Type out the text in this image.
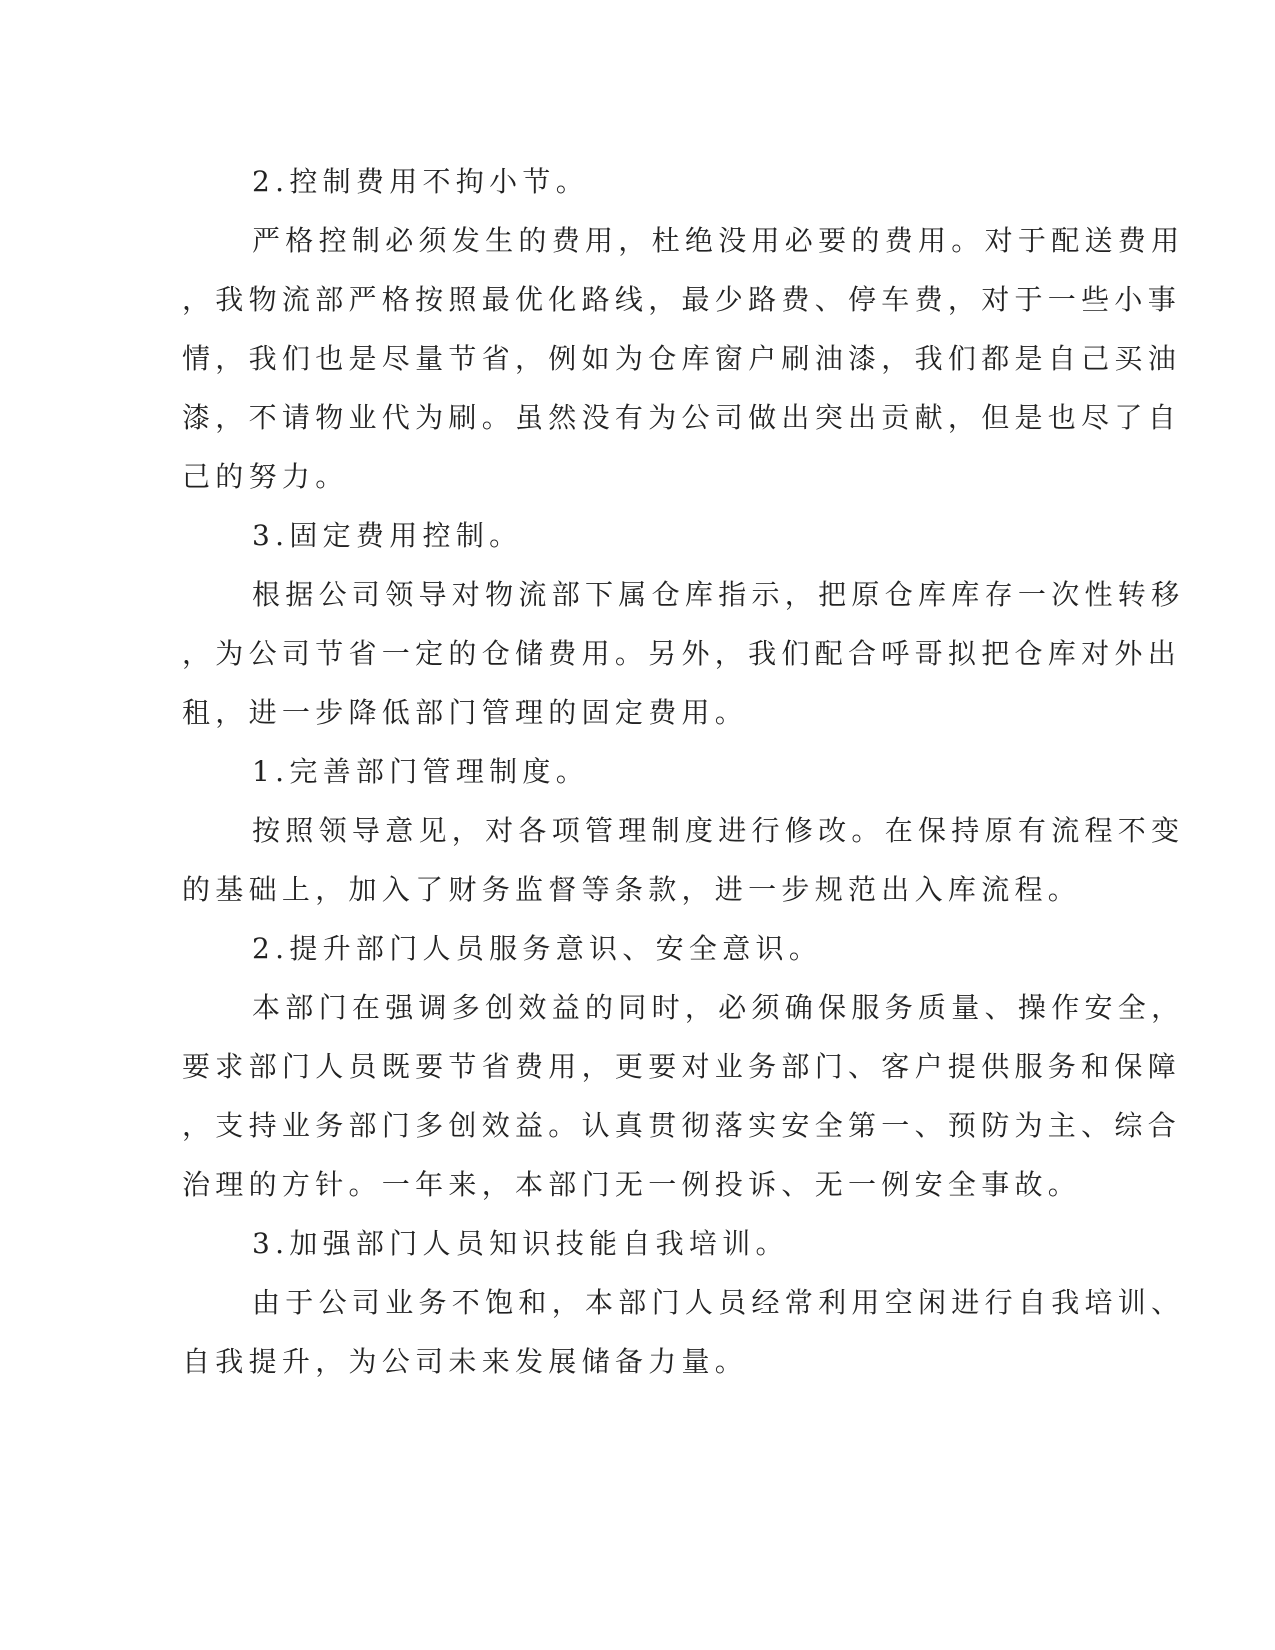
2.控制费用不拘小节。

严格控制必须发生的费用，杜绝没用必要的费用。对于配送费用

，我物流部严格按照最优化路线，最少路费、停车费，对于一些小事

情，我们也是尽量节省，例如为仓库窗户刷油漆，我们都是自己买油

漆，不请物业代为刷。虽然没有为公司做出突出贡献，但是也尽了自

己的努力。

3.固定费用控制。

根据公司领导对物流部下属仓库指示，把原仓库库存一次性转移

，为公司节省一定的仓储费用。另外，我们配合呼哥拟把仓库对外出

租，进一步降低部门管理的固定费用。

1.完善部门管理制度。

按照领导意见，对各项管理制度进行修改。在保持原有流程不变

的基础上，加入了财务监督等条款，进一步规范出入库流程。

2.提升部门人员服务意识、安全意识。

本部门在强调多创效益的同时，必须确保服务质量、操作安全，

要求部门人员既要节省费用，更要对业务部门、客户提供服务和保障

，支持业务部门多创效益。认真贯彻落实安全第一、预防为主、综合

治理的方针。一年来，本部门无一例投诉、无一例安全事故。

3.加强部门人员知识技能自我培训。

由于公司业务不饱和，本部门人员经常利用空闲进行自我培训、

自我提升，为公司未来发展储备力量。
